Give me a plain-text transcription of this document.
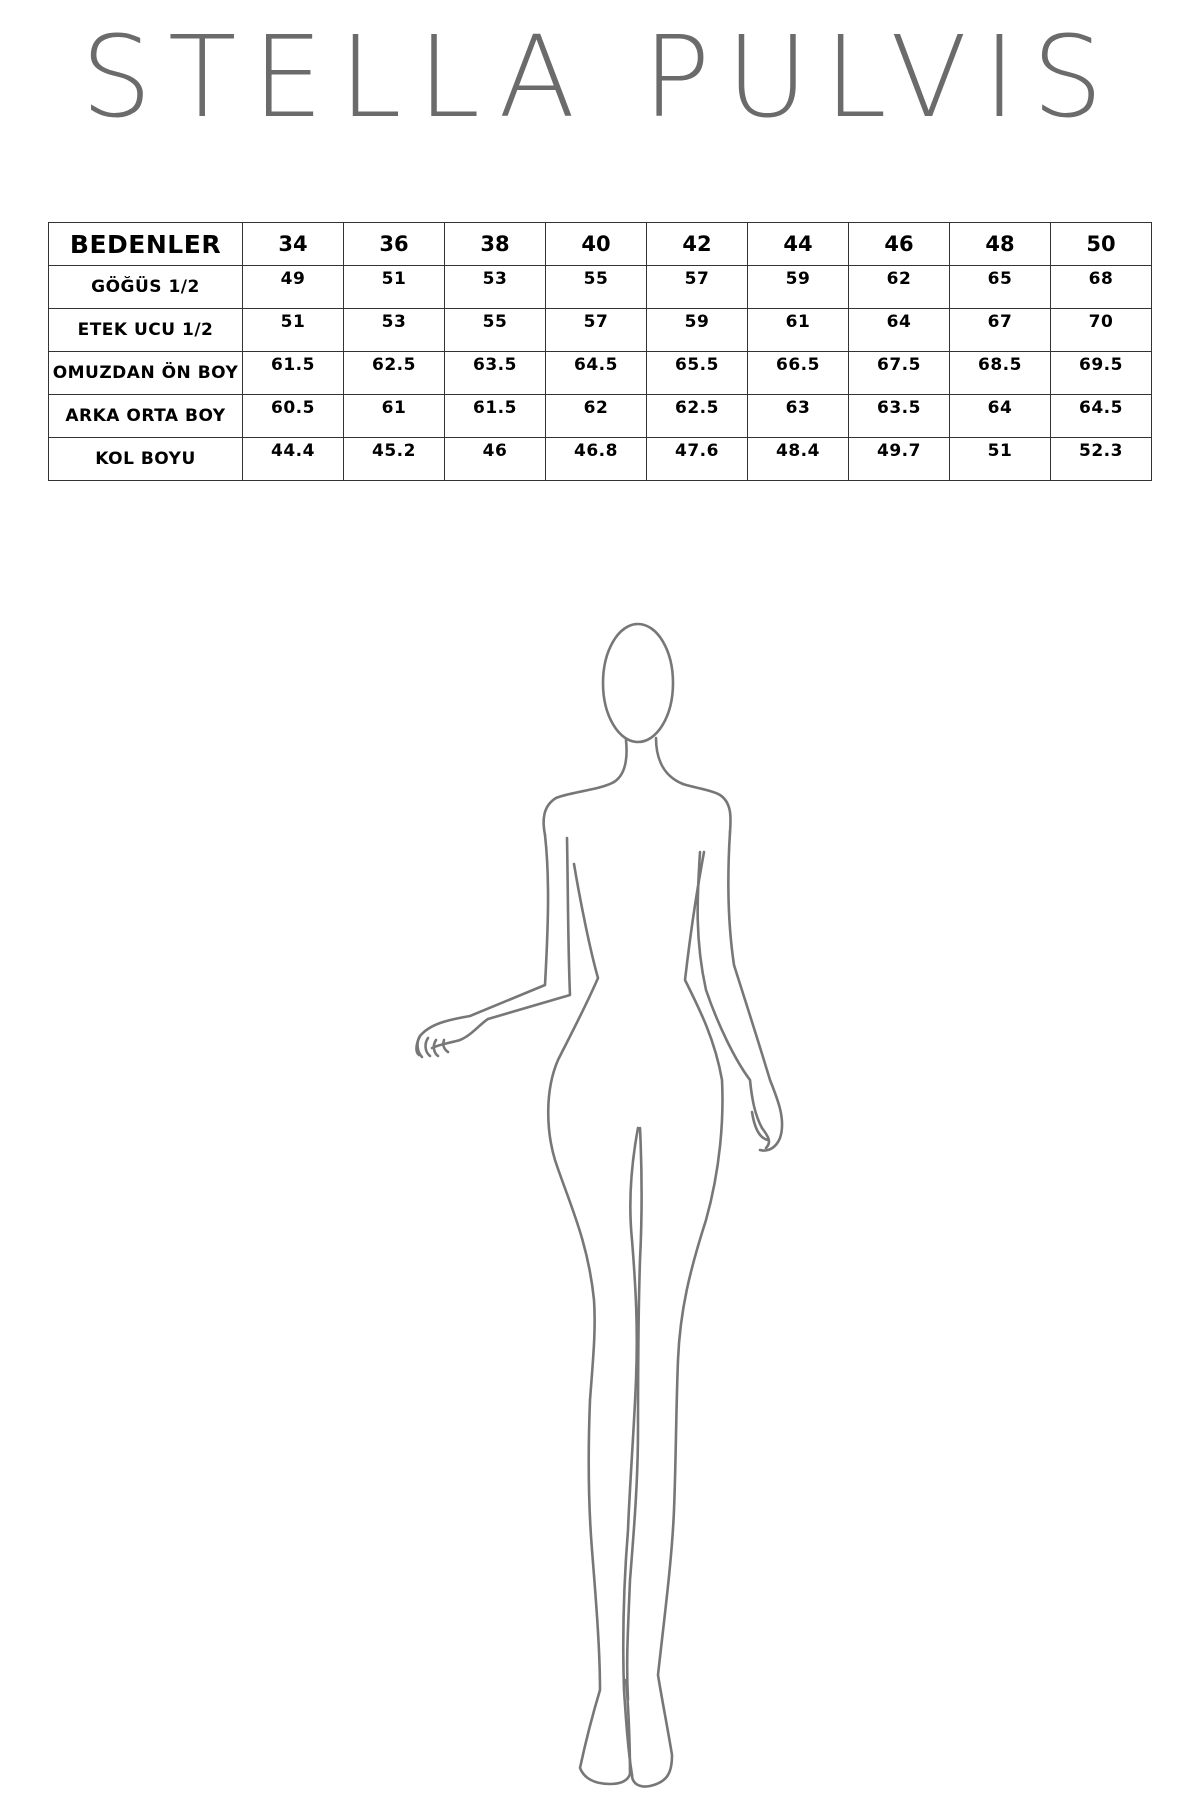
STELLA PULVIS
BEDENLER	34	36	38	40	42	44	46	48	50
GÖĞÜS 1/2	49	51	53	55	57	59	62	65	68
ETEK UCU 1/2	51	53	55	57	59	61	64	67	70
OMUZDAN ÖN BOY	61.5	62.5	63.5	64.5	65.5	66.5	67.5	68.5	69.5
ARKA ORTA BOY	60.5	61	61.5	62	62.5	63	63.5	64	64.5
KOL BOYU	44.4	45.2	46	46.8	47.6	48.4	49.7	51	52.3
